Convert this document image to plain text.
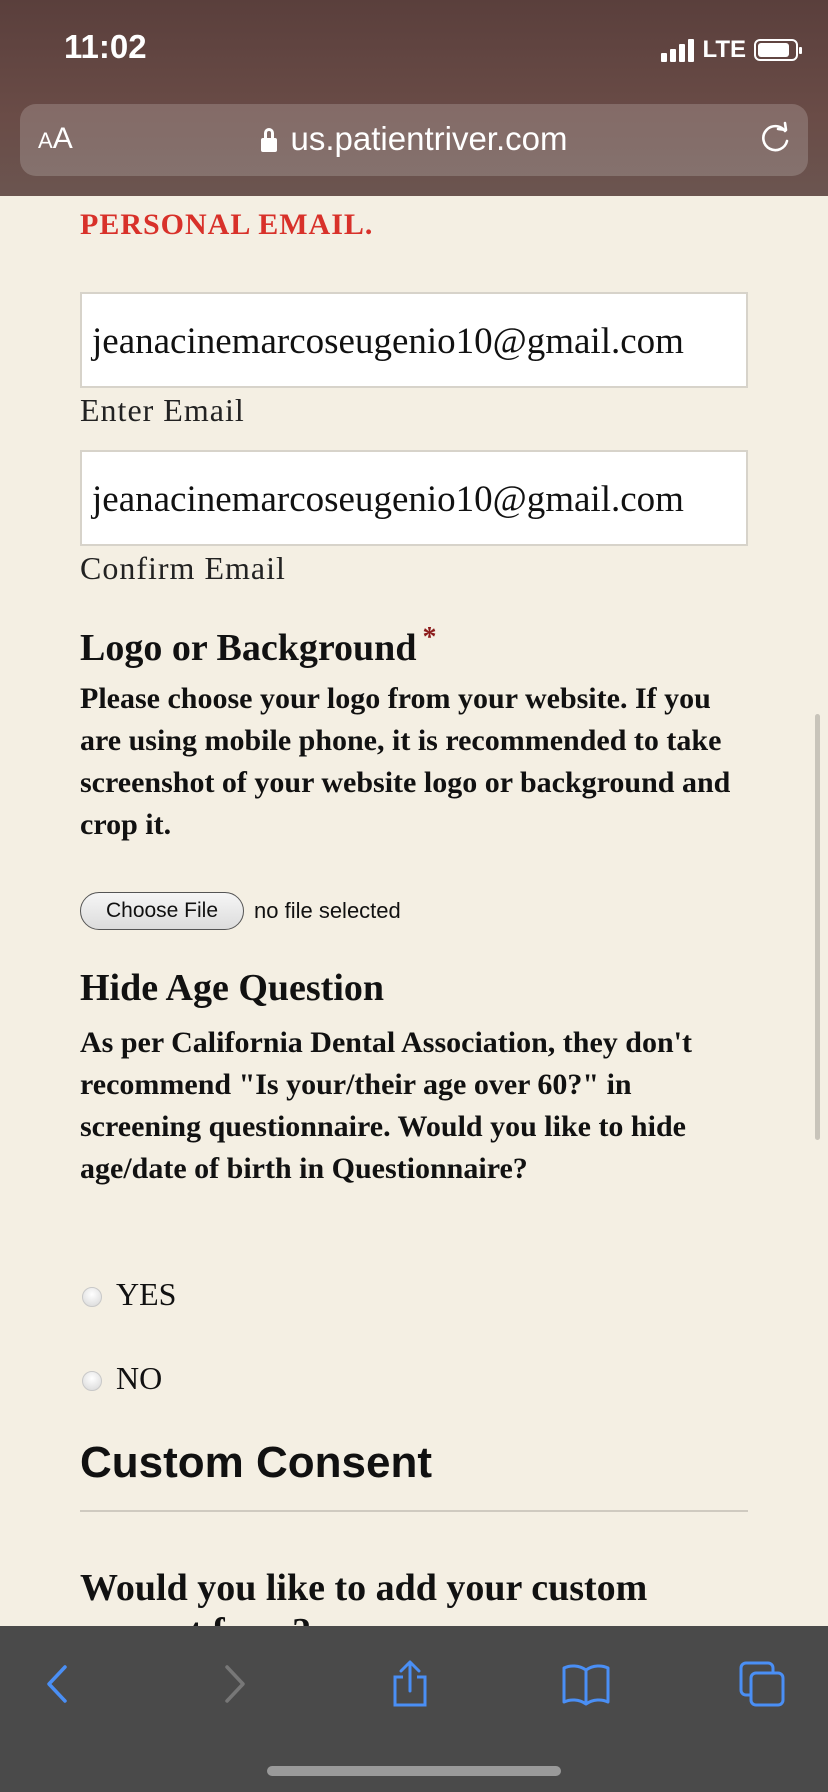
11:02	LTE
AA	us.patientriver.com
PERSONAL EMAIL.
jeanacinemarcoseugenio10@gmail.com
Enter Email
jeanacinemarcoseugenio10@gmail.com
Confirm Email
Logo or Background *
Please choose your logo from your website. If you are using mobile phone, it is recommended to take screenshot of your website logo or background and crop it.
Choose File	no file selected
Hide Age Question
As per California Dental Association, they don't recommend "Is your/their age over 60?" in screening questionnaire. Would you like to hide age/date of birth in Questionnaire?
YES
NO
Custom Consent
Would you like to add your custom
